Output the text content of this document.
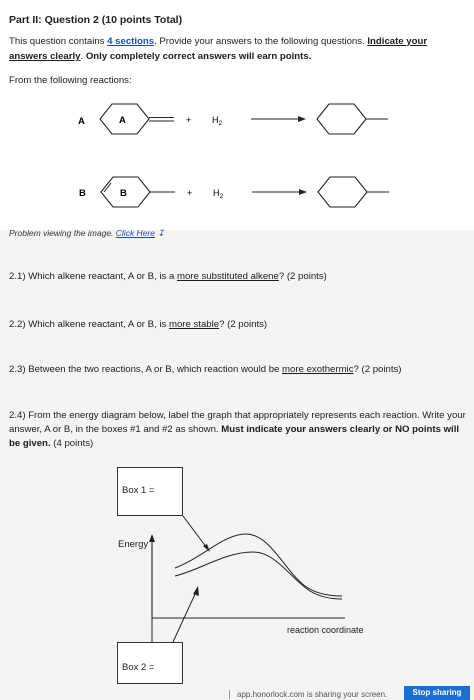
Part II: Question 2 (10 points Total)
This question contains 4 sections. Provide your answers to the following questions. Indicate your answers clearly. Only completely correct answers will earn points.
From the following reactions:
A	A	+ $H_2$
B	B	+ $H_2$
Problem viewing the image. Click Here ↧
2.1) Which alkene reactant, A or B, is a more substituted alkene? (2 points)
2.2) Which alkene reactant, A or B, is more stable? (2 points)
2.3) Between the two reactions, A or B, which reaction would be more exothermic? (2 points)
2.4) From the energy diagram below, label the graph that appropriately represents each reaction. Write your answer, A or B, in the boxes #1 and #2 as shown. Must indicate your answers clearly or NO points will be given. (4 points)
Box 1 =
Energy
reaction coordinate
Box 2 =
app.honorlock.com is sharing your screen.	Stop sharing
